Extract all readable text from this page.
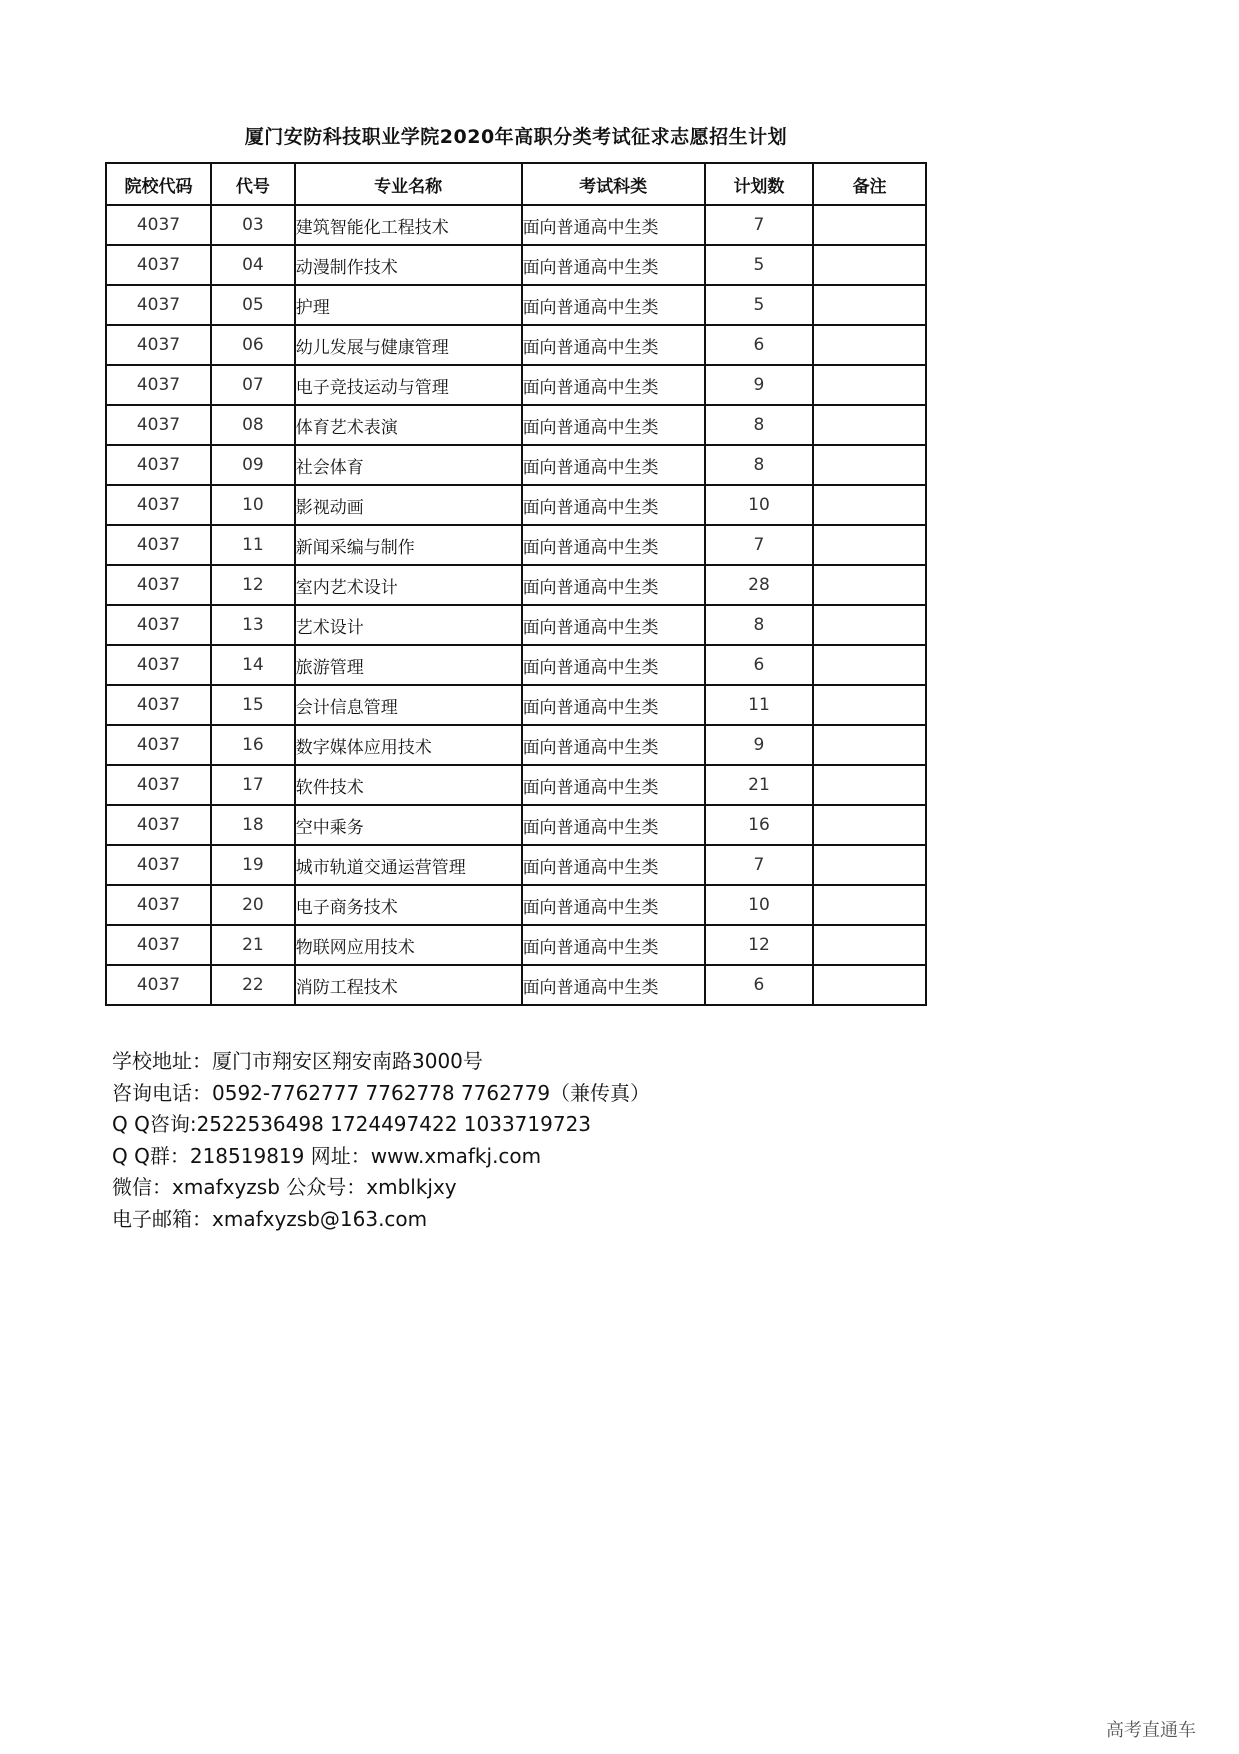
厦门安防科技职业学院2020年高职分类考试征求志愿招生计划
院校代码	代号	专业名称	考试科类	计划数	备注
4037	03	建筑智能化工程技术	面向普通高中生类	7	
4037	04	动漫制作技术	面向普通高中生类	5	
4037	05	护理	面向普通高中生类	5	
4037	06	幼儿发展与健康管理	面向普通高中生类	6	
4037	07	电子竞技运动与管理	面向普通高中生类	9	
4037	08	体育艺术表演	面向普通高中生类	8	
4037	09	社会体育	面向普通高中生类	8	
4037	10	影视动画	面向普通高中生类	10	
4037	11	新闻采编与制作	面向普通高中生类	7	
4037	12	室内艺术设计	面向普通高中生类	28	
4037	13	艺术设计	面向普通高中生类	8	
4037	14	旅游管理	面向普通高中生类	6	
4037	15	会计信息管理	面向普通高中生类	11	
4037	16	数字媒体应用技术	面向普通高中生类	9	
4037	17	软件技术	面向普通高中生类	21	
4037	18	空中乘务	面向普通高中生类	16	
4037	19	城市轨道交通运营管理	面向普通高中生类	7	
4037	20	电子商务技术	面向普通高中生类	10	
4037	21	物联网应用技术	面向普通高中生类	12	
4037	22	消防工程技术	面向普通高中生类	6	
学校地址：厦门市翔安区翔安南路3000号
咨询电话：0592-7762777 7762778 7762779（兼传真）
Q Q咨询:2522536498 1724497422 1033719723
Q Q群：218519819 网址：www.xmafkj.com
微信：xmafxyzsb 公众号：xmblkjxy
电子邮箱：xmafxyzsb@163.com
高考直通车
